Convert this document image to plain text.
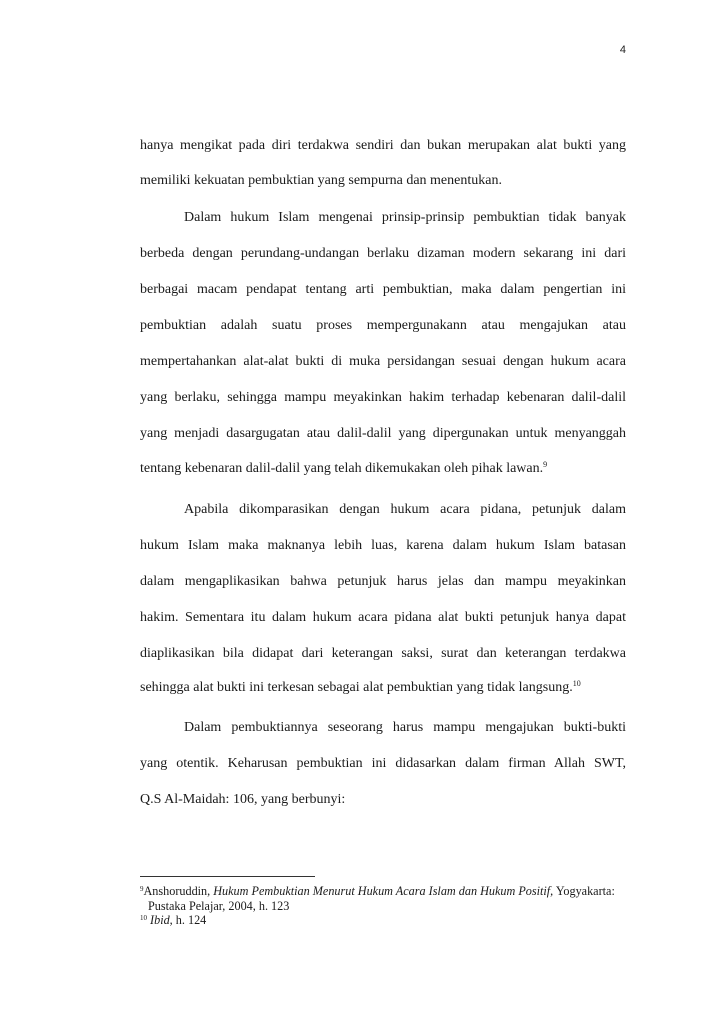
4

hanya mengikat pada diri terdakwa sendiri dan bukan merupakan alat bukti yang

memiliki kekuatan pembuktian yang sempurna dan menentukan.

Dalam hukum Islam mengenai prinsip-prinsip pembuktian tidak banyak

berbeda dengan perundang-undangan berlaku dizaman modern sekarang ini dari

berbagai macam pendapat tentang arti pembuktian, maka dalam pengertian ini

pembuktian adalah suatu proses mempergunakann atau mengajukan atau

mempertahankan alat-alat bukti di muka persidangan sesuai dengan hukum acara

yang berlaku, sehingga mampu meyakinkan hakim terhadap kebenaran dalil-dalil

yang menjadi dasargugatan atau dalil-dalil yang dipergunakan untuk menyanggah

tentang kebenaran dalil-dalil yang telah dikemukakan oleh pihak lawan.$^9$

Apabila dikomparasikan dengan hukum acara pidana, petunjuk dalam

hukum Islam maka maknanya lebih luas, karena dalam hukum Islam batasan

dalam mengaplikasikan bahwa petunjuk harus jelas dan mampu meyakinkan

hakim. Sementara itu dalam hukum acara pidana alat bukti petunjuk hanya dapat

diaplikasikan bila didapat dari keterangan saksi, surat dan keterangan terdakwa

sehingga alat bukti ini terkesan sebagai alat pembuktian yang tidak langsung.$^{10}$

Dalam pembuktiannya seseorang harus mampu mengajukan bukti-bukti

yang otentik. Keharusan pembuktian ini didasarkan dalam firman Allah SWT,

Q.S Al-Maidah: 106, yang berbunyi:

$^9$Anshoruddin, Hukum Pembuktian Menurut Hukum Acara Islam dan Hukum Positif, Yogyakarta:

Pustaka Pelajar, 2004, h. 123

$^{10}$ Ibid, h. 124
